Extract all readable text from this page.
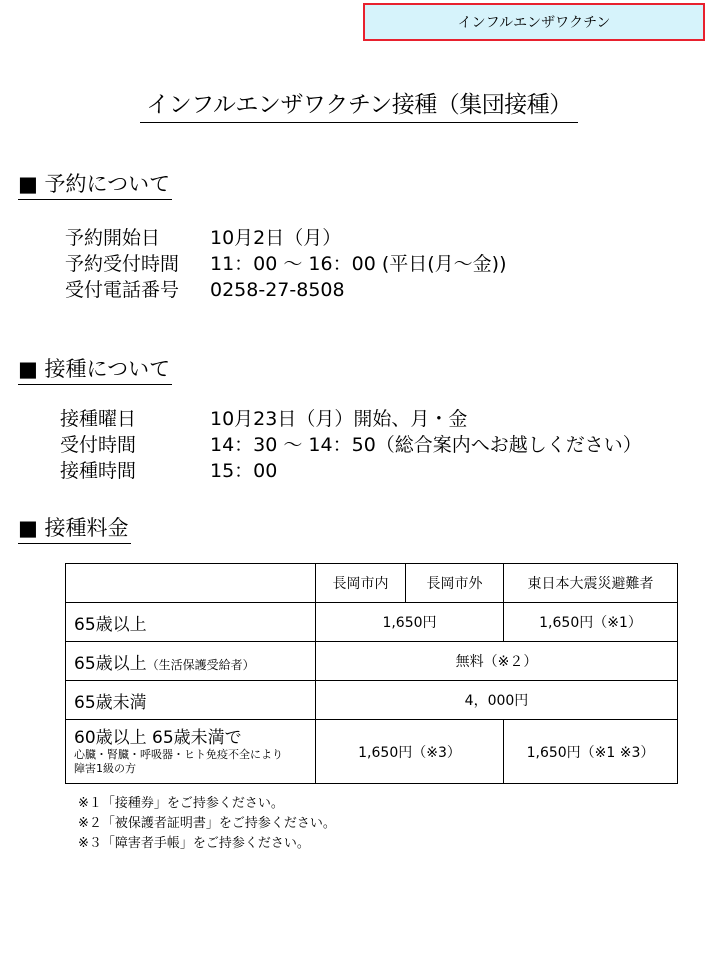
インフルエンザワクチン
インフルエンザワクチン接種（集団接種）
■ 予約について
予約開始日	10月2日（月）
予約受付時間 11：00 ～ 16：00 (平日(月～金))
受付電話番号 0258-27-8508
■ 接種について
接種曜日	10月23日（月）開始、月・金
受付時間	14：30 ～ 14：50（総合案内へお越しください）
接種時間	15：00
■ 接種料金
	長岡市内	長岡市外	東日本大震災避難者
65歳以上	1,650円		1,650円（※1）
65歳以上（生活保護受給者）	無料（※２）		
65歳未満	4，000円		

60歳以上 65歳未満で
心臓・腎臓・呼吸器・ヒト免疫不全により
障害1級の方	1,650円（※3）		1,650円（※1 ※3）
※１「接種券」をご持参ください。
※２「被保護者証明書」をご持参ください。
※３「障害者手帳」をご持参ください。
